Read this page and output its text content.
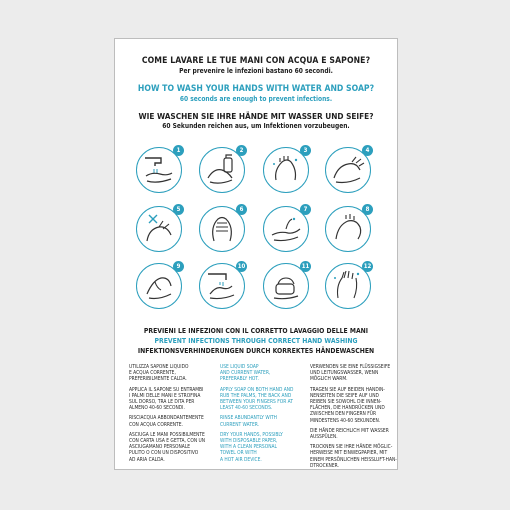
COME LAVARE LE TUE MANI CON ACQUA E SAPONE?
Per prevenire le infezioni bastano 60 secondi.
HOW TO WASH YOUR HANDS WITH WATER AND SOAP?
60 seconds are enough to prevent infections.
WIE WASCHEN SIE IHRE HÄNDE MIT WASSER UND SEIFE?
60 Sekunden reichen aus, um Infektionen vorzubeugen.
1	2	3	4
5	6	7	8
9	10	11	12
PREVIENI LE INFEZIONI CON IL CORRETTO LAVAGGIO DELLE MANI
PREVENT INFECTIONS THROUGH CORRECT HAND WASHING
INFEKTIONSVERHINDERUNGEN DURCH KORREKTES HÄNDEWASCHEN

UTILIZZA SAPONE LIQUIDO
E ACQUA CORRENTE,
PREFERIBILMENTE CALDA.

APPLICA IL SAPONE SU ENTRAMBI
I PALMI DELLE MANI E STROFINA
SUL DORSO, TRA LE DITA PER
ALMENO 40-60 SECONDI.

RISCIACQUA ABBONDANTEMENTE
CON ACQUA CORRENTE.

ASCIUGA LE MANI POSSIBILMENTE
CON CARTA USA E GETTA, CON UN
ASCIUGAMANO PERSONALE
PULITO O CON UN DISPOSITIVO
AD ARIA CALDA.

USE LIQUID SOAP
AND CURRENT WATER,
PREFERABLY HOT.

APPLY SOAP ON BOTH HAND AND
RUB THE PALMS, THE BACK AND
BETWEEN YOUR FINGERS FOR AT
LEAST 40-60 SECONDS.

RINSE ABUNDANTLY WITH
CURRENT WATER.

DRY YOUR HANDS, POSSIBLY
WITH DISPOSABLE PAPER,
WITH A CLEAN PERSONAL
TOWEL OR WITH
A HOT AIR DEVICE.

VERWENDEN SIE EINE FLÜSSIGSEIFE
UND LEITUNGSWASSER, WENN
MÖGLICH WARM.

TRAGEN SIE AUF BEIDEN HANDIN-
NENSEITEN DIE SEIFE AUF UND
REIBEN SIE SOWOHL DIE INNEN-
FLÄCHEN, DIE HANDRÜCKEN UND
ZWISCHEN DEN FINGERN FÜR
MINDESTENS 40-60 SEKUNDEN.

DIE HÄNDE REICHLICH MIT WASSER
AUSSPÜLEN.

TROCKNEN SIE IHRE HÄNDE MÖGLIC-
HERWEISE MIT EINWEGPAPIER, MIT
EINEM PERSÖNLICHEN HEISSLUFT-HAN-
DTROCKNER.
